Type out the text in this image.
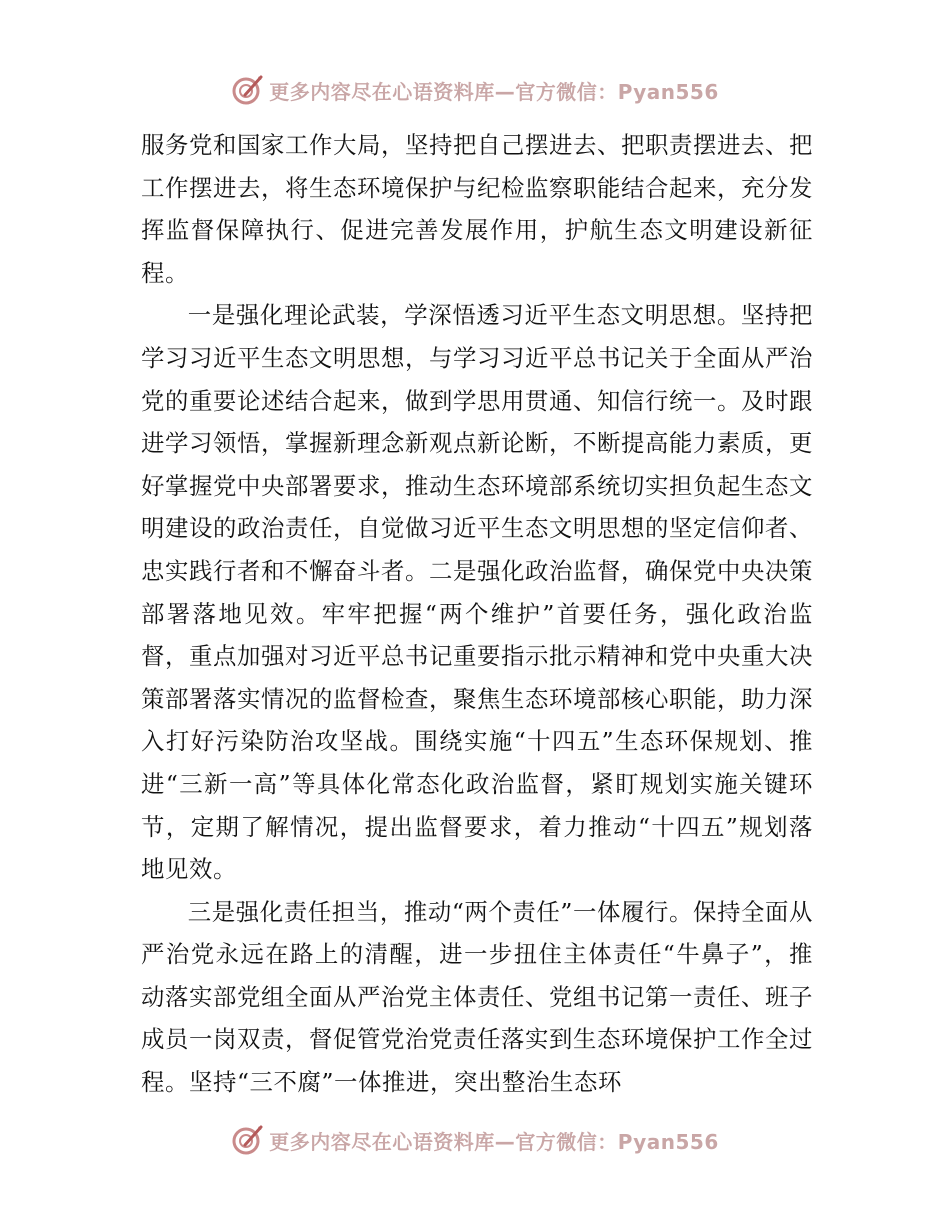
更多内容尽在心语资料库—官方微信：Pyan556

服务党和国家工作大局，坚持把自己摆进去、把职责摆进去、把工作摆进去，将生态环境保护与纪检监察职能结合起来，充分发挥监督保障执行、促进完善发展作用，护航生态文明建设新征程。

一是强化理论武装，学深悟透习近平生态文明思想。坚持把学习习近平生态文明思想，与学习习近平总书记关于全面从严治党的重要论述结合起来，做到学思用贯通、知信行统一。及时跟进学习领悟，掌握新理念新观点新论断，不断提高能力素质，更好掌握党中央部署要求，推动生态环境部系统切实担负起生态文明建设的政治责任，自觉做习近平生态文明思想的坚定信仰者、忠实践行者和不懈奋斗者。二是强化政治监督，确保党中央决策部署落地见效。牢牢把握“两个维护”首要任务，强化政治监督，重点加强对习近平总书记重要指示批示精神和党中央重大决策部署落实情况的监督检查，聚焦生态环境部核心职能，助力深入打好污染防治攻坚战。围绕实施“十四五”生态环保规划、推进“三新一高”等具体化常态化政治监督，紧盯规划实施关键环节，定期了解情况，提出监督要求，着力推动“十四五”规划落地见效。

三是强化责任担当，推动“两个责任”一体履行。保持全面从严治党永远在路上的清醒，进一步扭住主体责任“牛鼻子”，推动落实部党组全面从严治党主体责任、党组书记第一责任、班子成员一岗双责，督促管党治党责任落实到生态环境保护工作全过程。坚持“三不腐”一体推进，突出整治生态环

更多内容尽在心语资料库—官方微信：Pyan556
